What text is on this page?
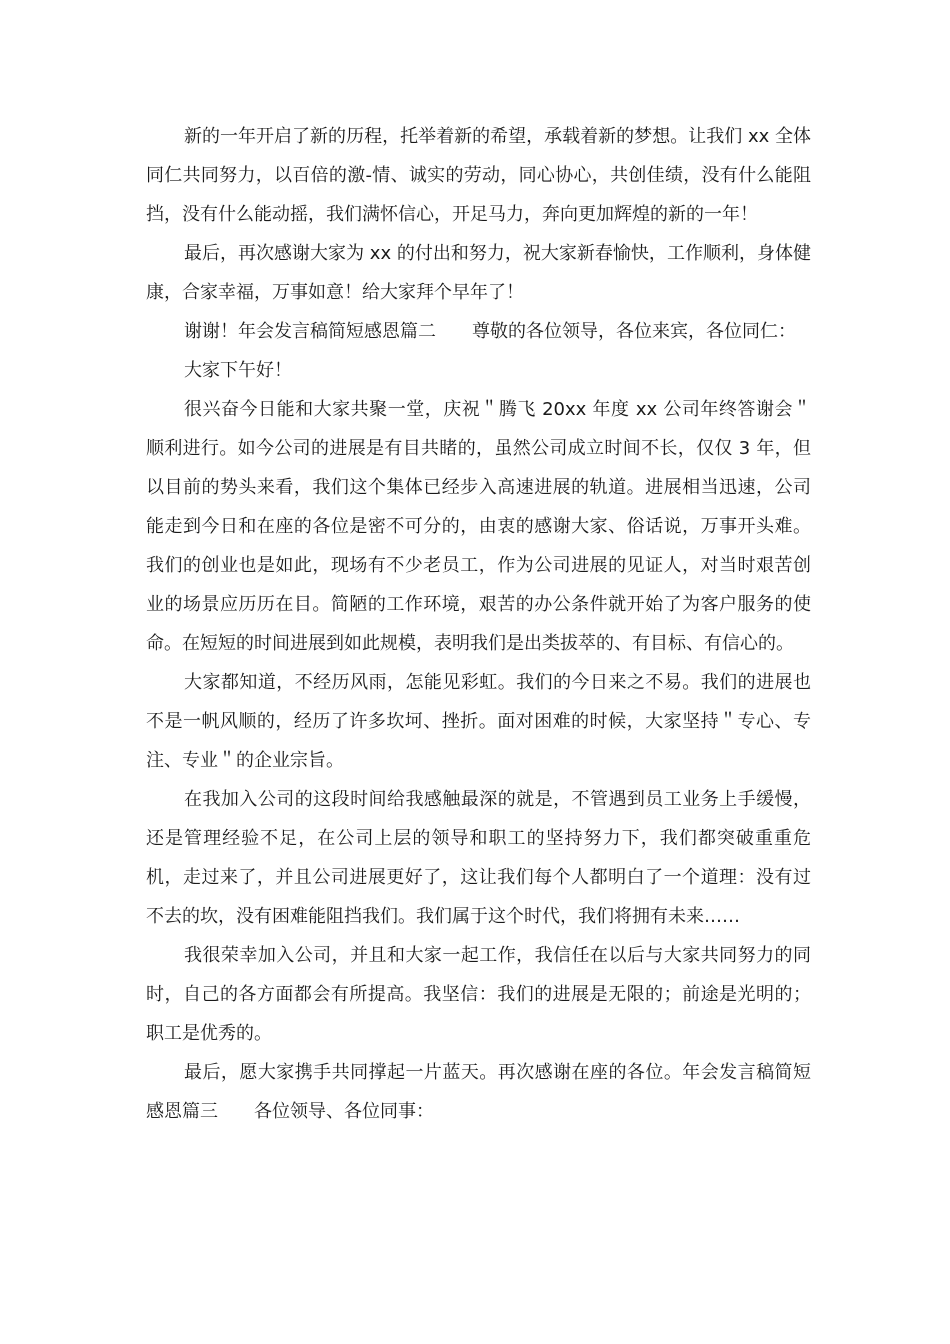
新的一年开启了新的历程，托举着新的希望，承载着新的梦想。让我们 xx 全体同仁共同努力，以百倍的激-情、诚实的劳动，同心协心，共创佳绩，没有什么能阻挡，没有什么能动摇，我们满怀信心，开足马力，奔向更加辉煌的新的一年！

最后，再次感谢大家为 xx 的付出和努力，祝大家新春愉快，工作顺利，身体健康，合家幸福，万事如意！给大家拜个早年了！

谢谢！年会发言稿简短感恩篇二　　尊敬的各位领导，各位来宾，各位同仁：

大家下午好！

很兴奋今日能和大家共聚一堂，庆祝＂腾飞 20xx 年度 xx 公司年终答谢会＂顺利进行。如今公司的进展是有目共睹的，虽然公司成立时间不长，仅仅 3 年，但以目前的势头来看，我们这个集体已经步入高速进展的轨道。进展相当迅速，公司能走到今日和在座的各位是密不可分的，由衷的感谢大家、俗话说，万事开头难。我们的创业也是如此，现场有不少老员工，作为公司进展的见证人，对当时艰苦创业的场景应历历在目。简陋的工作环境，艰苦的办公条件就开始了为客户服务的使命。在短短的时间进展到如此规模，表明我们是出类拔萃的、有目标、有信心的。

大家都知道，不经历风雨，怎能见彩虹。我们的今日来之不易。我们的进展也不是一帆风顺的，经历了许多坎坷、挫折。面对困难的时候，大家坚持＂专心、专注、专业＂的企业宗旨。

在我加入公司的这段时间给我感触最深的就是，不管遇到员工业务上手缓慢，还是管理经验不足，在公司上层的领导和职工的坚持努力下，我们都突破重重危机，走过来了，并且公司进展更好了，这让我们每个人都明白了一个道理：没有过不去的坎，没有困难能阻挡我们。我们属于这个时代，我们将拥有未来……

我很荣幸加入公司，并且和大家一起工作，我信任在以后与大家共同努力的同时，自己的各方面都会有所提高。我坚信：我们的进展是无限的；前途是光明的；职工是优秀的。

最后，愿大家携手共同撑起一片蓝天。再次感谢在座的各位。年会发言稿简短感恩篇三　　各位领导、各位同事：
